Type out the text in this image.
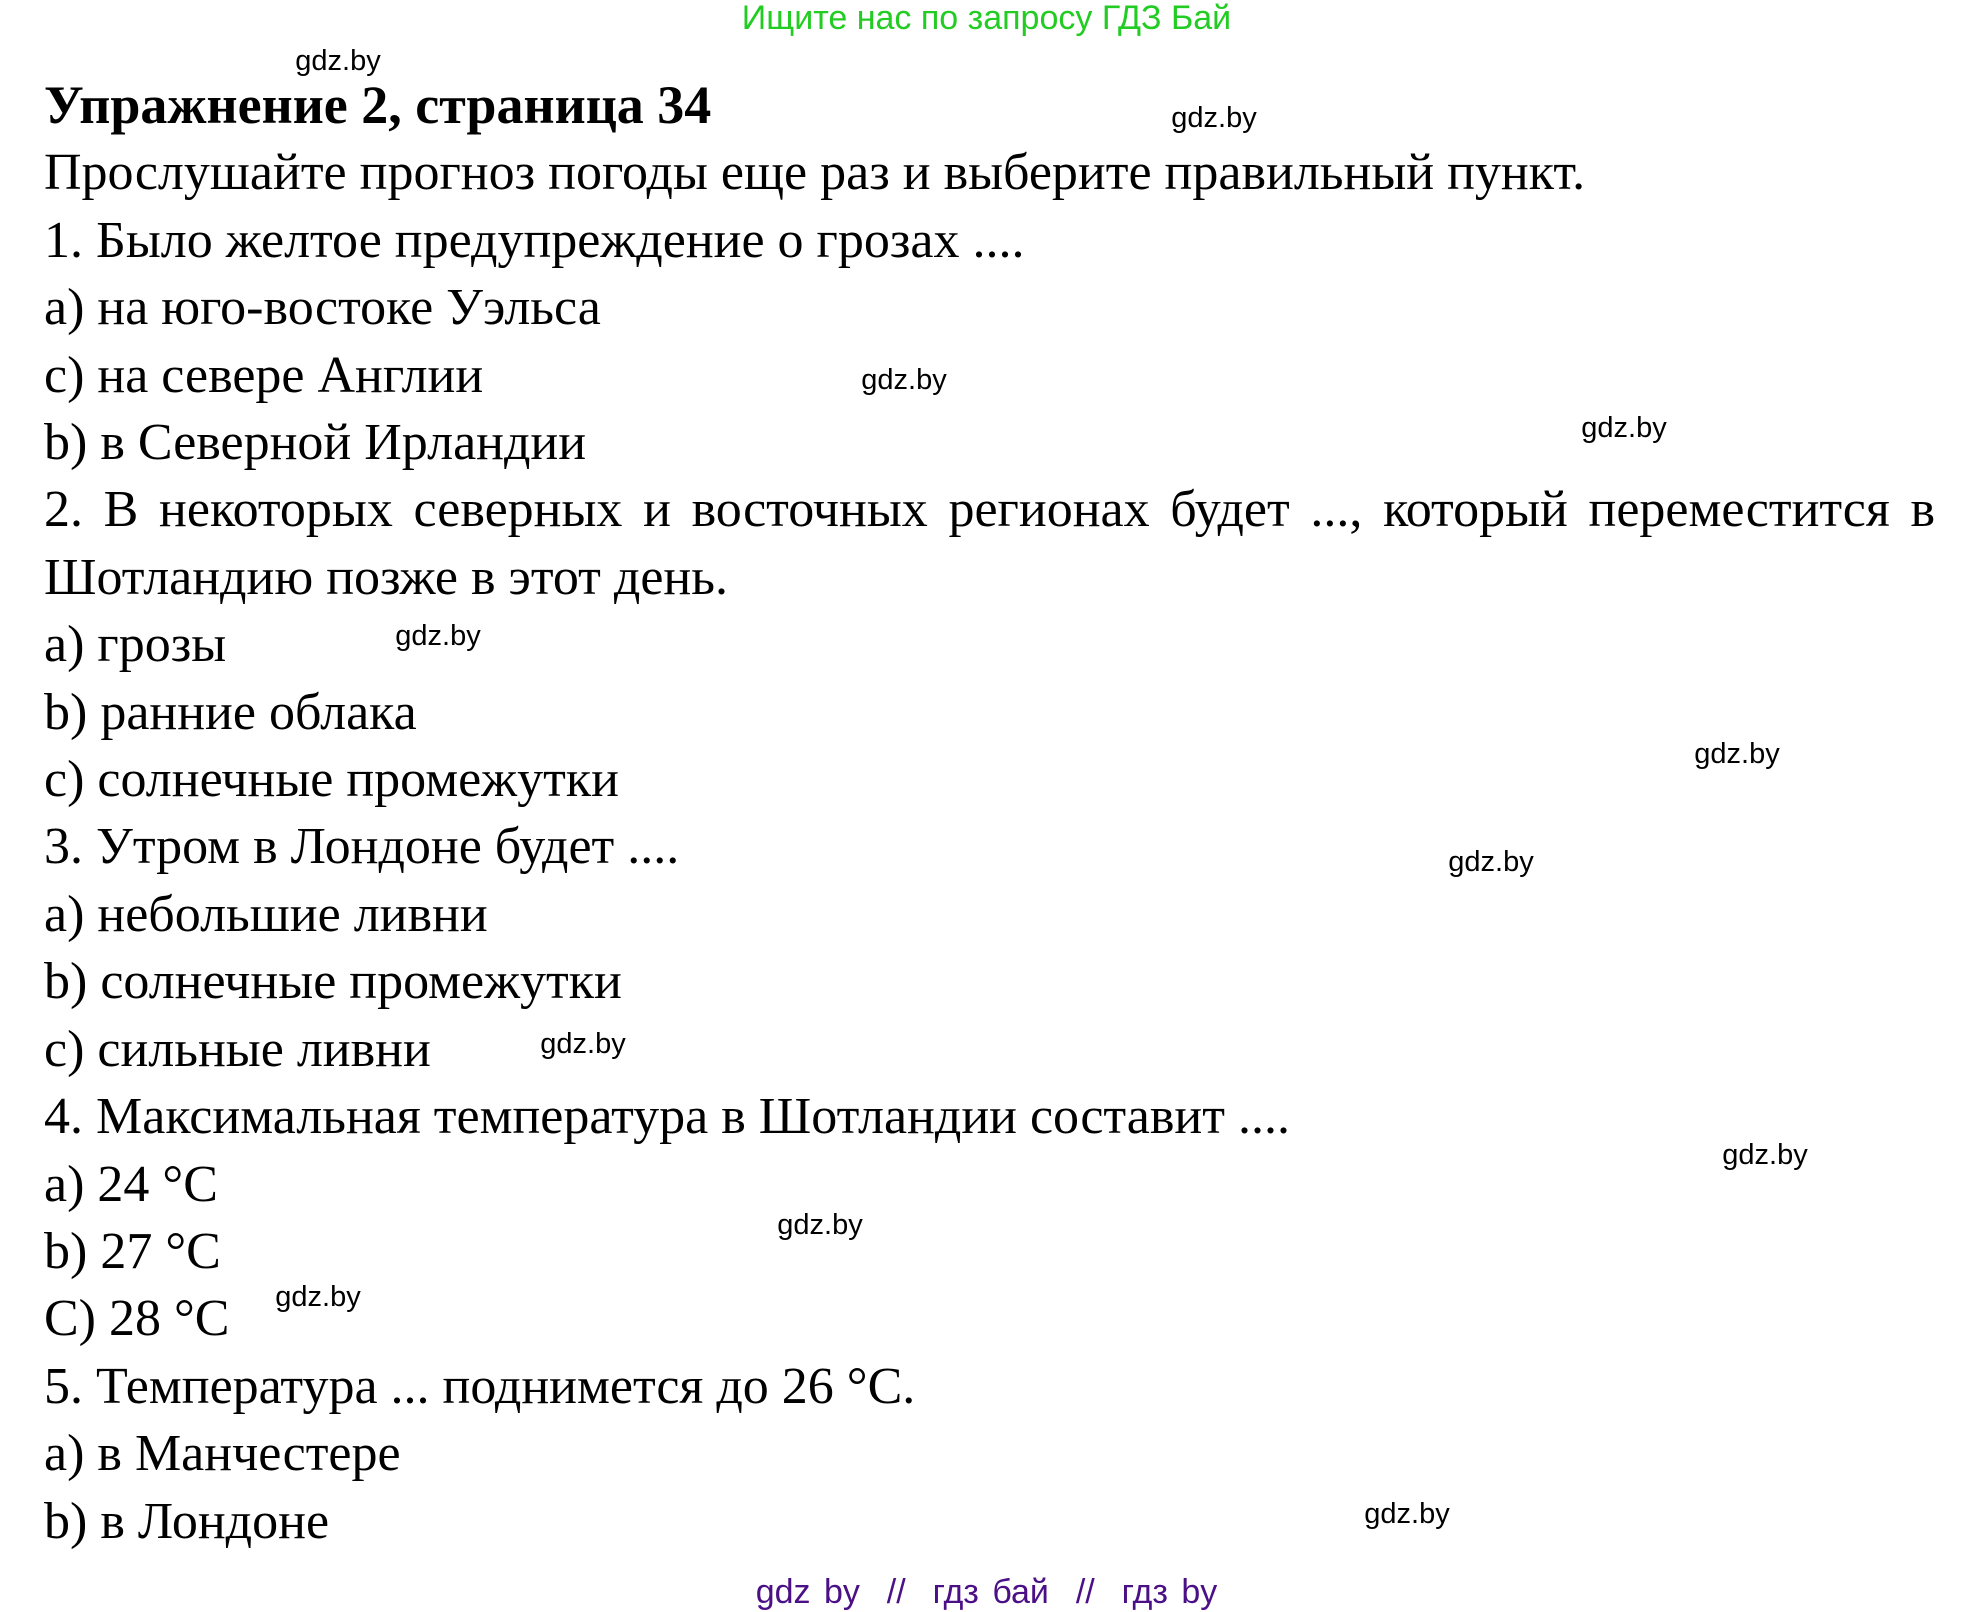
Ищите нас по запросу ГДЗ Бай
Упражнение 2, страница 34
Прослушайте прогноз погоды еще раз и выберите правильный пункт.
1. Было желтое предупреждение о грозах ....
a) на юго-востоке Уэльса
c) на севере Англии
b) в Северной Ирландии
2. В некоторых северных и восточных регионах будет ..., который переместится в Шотландию позже в этот день.
a) грозы
b) ранние облака
c) солнечные промежутки
3. Утром в Лондоне будет ....
a) небольшие ливни
b) солнечные промежутки
c) сильные ливни
4. Максимальная температура в Шотландии составит ....
a) 24 °C
b) 27 °C
C) 28 °C
5. Температура ... поднимется до 26 °C.
a) в Манчестере
b) в Лондоне
gdz.by
gdz.by
gdz.by
gdz.by
gdz.by
gdz.by
gdz.by
gdz.by
gdz.by
gdz.by
gdz.by
gdz.by
gdz by  //  гдз бай  //  гдз by
